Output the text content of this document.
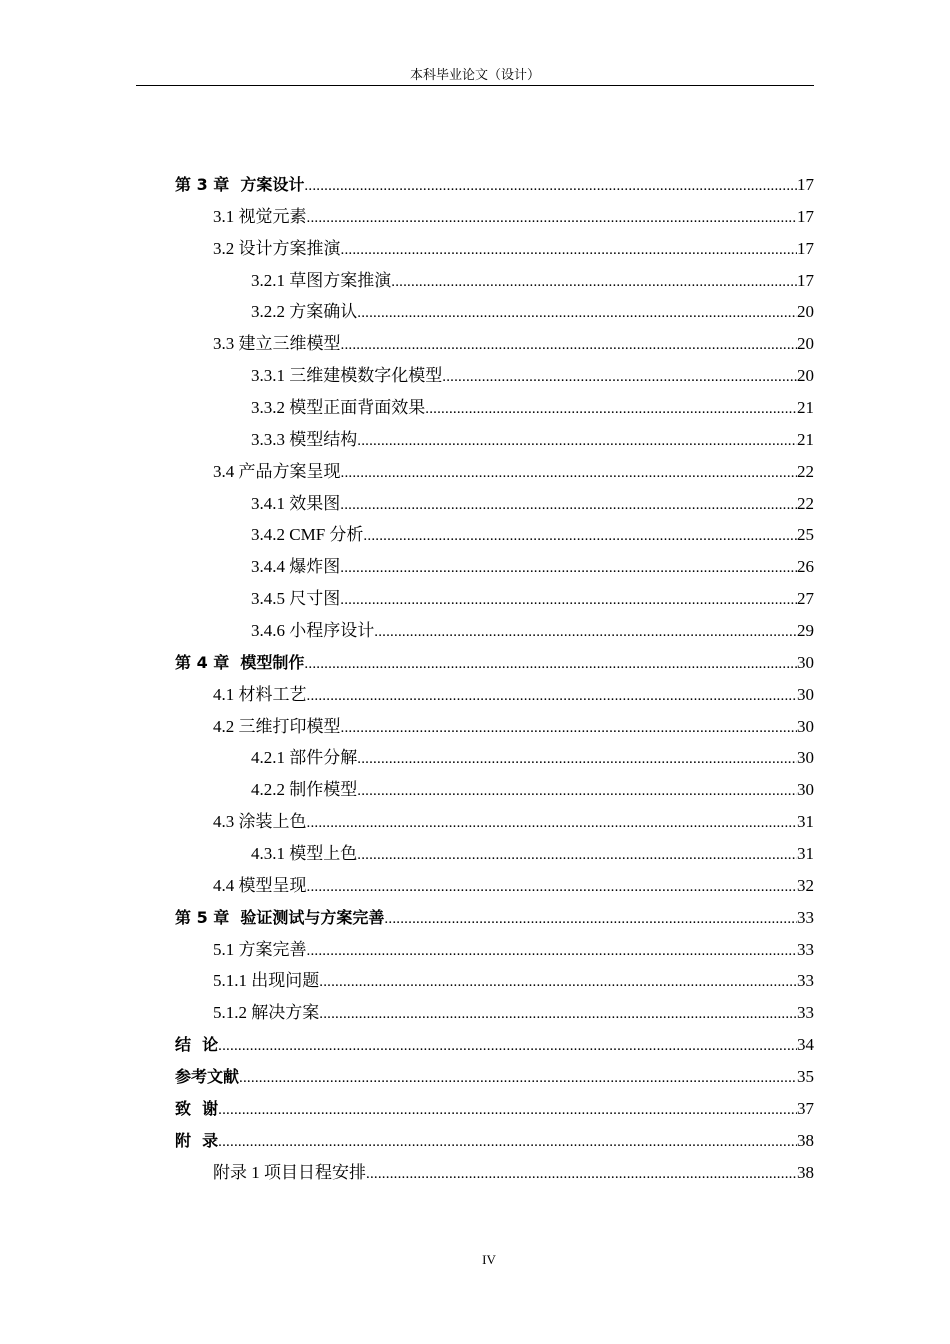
本科毕业论文（设计）
第 3 章  方案设计 .....	17
3.1 视觉元素 .....	17
3.2 设计方案推演 .....	17
3.2.1 草图方案推演 .....	17
3.2.2 方案确认 .....	20
3.3 建立三维模型 .....	20
3.3.1 三维建模数字化模型 .....	20
3.3.2 模型正面背面效果 .....	21
3.3.3 模型结构 .....	21
3.4 产品方案呈现 .....	22
3.4.1 效果图 .....	22
3.4.2 CMF 分析 .....	25
3.4.4 爆炸图 .....	26
3.4.5 尺寸图 .....	27
3.4.6 小程序设计 .....	29
第 4 章  模型制作 .....	30
4.1 材料工艺 .....	30
4.2 三维打印模型 .....	30
4.2.1 部件分解 .....	30
4.2.2 制作模型 .....	30
4.3 涂装上色 .....	31
4.3.1 模型上色 .....	31
4.4 模型呈现 .....	32
第 5 章  验证测试与方案完善 .....	33
5.1 方案完善 .....	33
5.1.1 出现问题 .....	33
5.1.2 解决方案 .....	33
结  论 .....	34
参考文献 .....	35
致  谢 .....	37
附  录 .....	38
附录 1 项目日程安排 .....	38
IV
